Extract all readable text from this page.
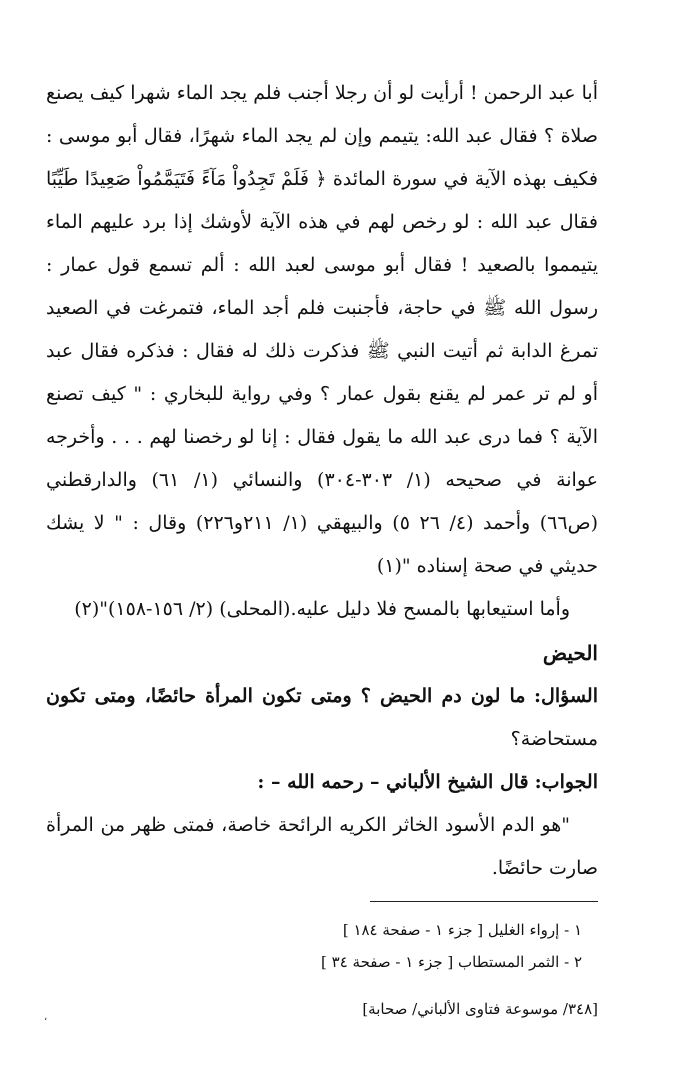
أبا عبد الرحمن ! أرأيت لو أن رجلا أجنب فلم يجد الماء شهرا كيف يصنع
صلاة ؟ فقال عبد الله: يتيمم وإن لم يجد الماء شهرًا، فقال أبو موسى :
فكيف بهذه الآية في سورة المائدة ﴿ فَلَمْ تَجِدُواْ مَآءً فَتَيَمَّمُواْ صَعِيدًا طَيِّبًا
فقال عبد الله : لو رخص لهم في هذه الآية لأوشك إذا برد عليهم الماء
يتيمموا بالصعيد ! فقال أبو موسى لعبد الله : ألم تسمع قول عمار :
رسول الله ﷺ في حاجة، فأجنبت فلم أجد الماء، فتمرغت في الصعيد
تمرغ الدابة ثم أتيت النبي ﷺ فذكرت ذلك له فقال : فذكره فقال عبد
أو لم تر عمر لم يقنع بقول عمار ؟ وفي رواية للبخاري : " كيف تصنع
الآية ؟ فما درى عبد الله ما يقول فقال : إنا لو رخصنا لهم . . . وأخرجه
عوانة في صحيحه (١/ ٣٠٣-٣٠٤) والنسائي (١/ ٦١) والدارقطني
(ص٦٦) وأحمد (٤/ ٢٦ ٥) والبيهقي (١/ ٢١١و٢٢٦) وقال : " لا يشك
حديثي في صحة إسناده "(١)
وأما استيعابها بالمسح فلا دليل عليه.(المحلى) (٢/ ١٥٦-١٥٨)"(٢)
الحيض
السؤال: ما لون دم الحيض ؟ ومتى تكون المرأة حائضًا، ومتى تكون
مستحاضة؟
الجواب: قال الشيخ الألباني – رحمه الله – :
"هو الدم الأسود الخاثر الكريه الرائحة خاصة، فمتى ظهر من المرأة
صارت حائضًا.
١ - إرواء الغليل [ جزء ١ - صفحة ١٨٤ ]
٢ - الثمر المستطاب [ جزء ١ - صفحة ٣٤ ]
[٣٤٨/ موسوعة فتاوى الألباني/ صحابة]
،
